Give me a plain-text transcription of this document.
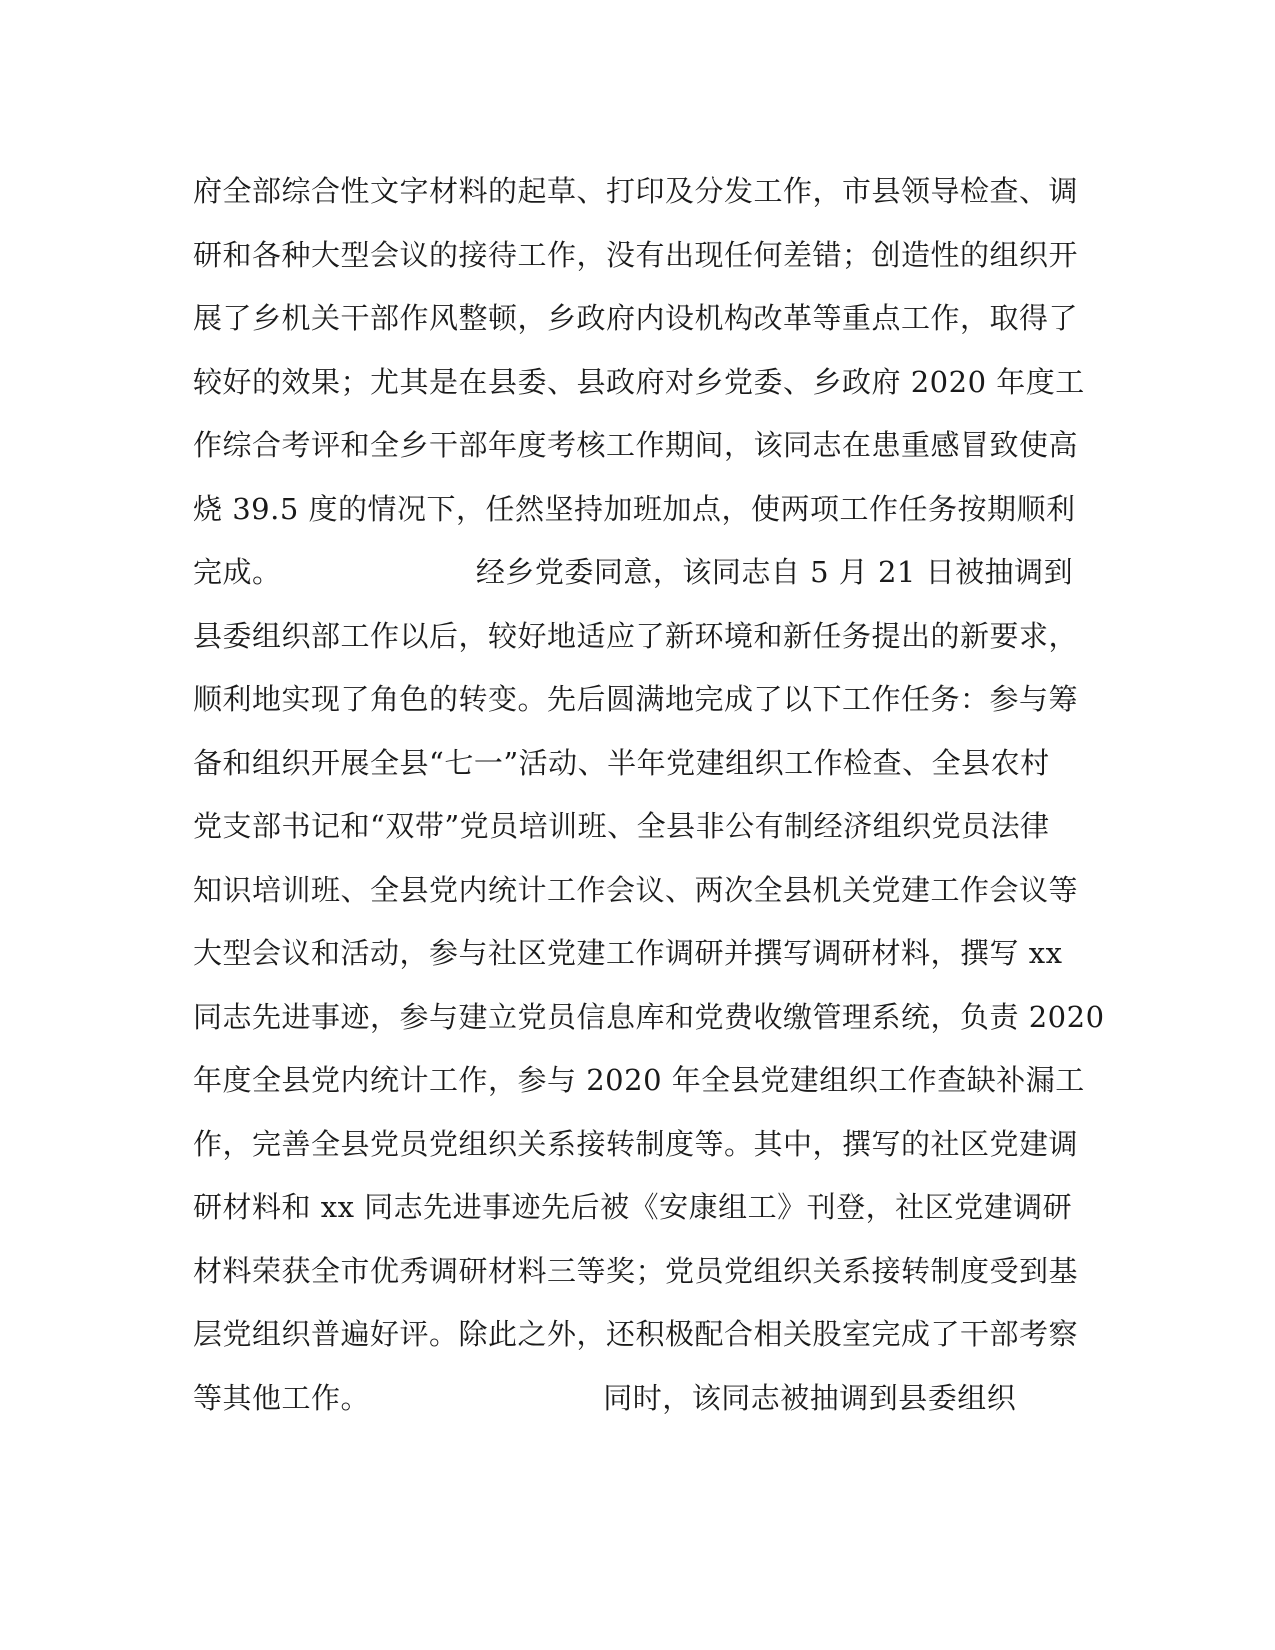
府全部综合性文字材料的起草、打印及分发工作，市县领导检查、调
研和各种大型会议的接待工作，没有出现任何差错；创造性的组织开
展了乡机关干部作风整顿，乡政府内设机构改革等重点工作，取得了
较好的效果；尤其是在县委、县政府对乡党委、乡政府 2020 年度工
作综合考评和全乡干部年度考核工作期间，该同志在患重感冒致使高
烧 39.5 度的情况下，任然坚持加班加点，使两项工作任务按期顺利
完成。                    经乡党委同意，该同志自 5 月 21 日被抽调到
县委组织部工作以后，较好地适应了新环境和新任务提出的新要求，
顺利地实现了角色的转变。先后圆满地完成了以下工作任务：参与筹
备和组织开展全县“七一”活动、半年党建组织工作检查、全县农村
党支部书记和“双带”党员培训班、全县非公有制经济组织党员法律
知识培训班、全县党内统计工作会议、两次全县机关党建工作会议等
大型会议和活动，参与社区党建工作调研并撰写调研材料，撰写 xx
同志先进事迹，参与建立党员信息库和党费收缴管理系统，负责 2020
年度全县党内统计工作，参与 2020 年全县党建组织工作查缺补漏工
作，完善全县党员党组织关系接转制度等。其中，撰写的社区党建调
研材料和 xx 同志先进事迹先后被《安康组工》刊登，社区党建调研
材料荣获全市优秀调研材料三等奖；党员党组织关系接转制度受到基
层党组织普遍好评。除此之外，还积极配合相关股室完成了干部考察
等其他工作。                        同时，该同志被抽调到县委组织
